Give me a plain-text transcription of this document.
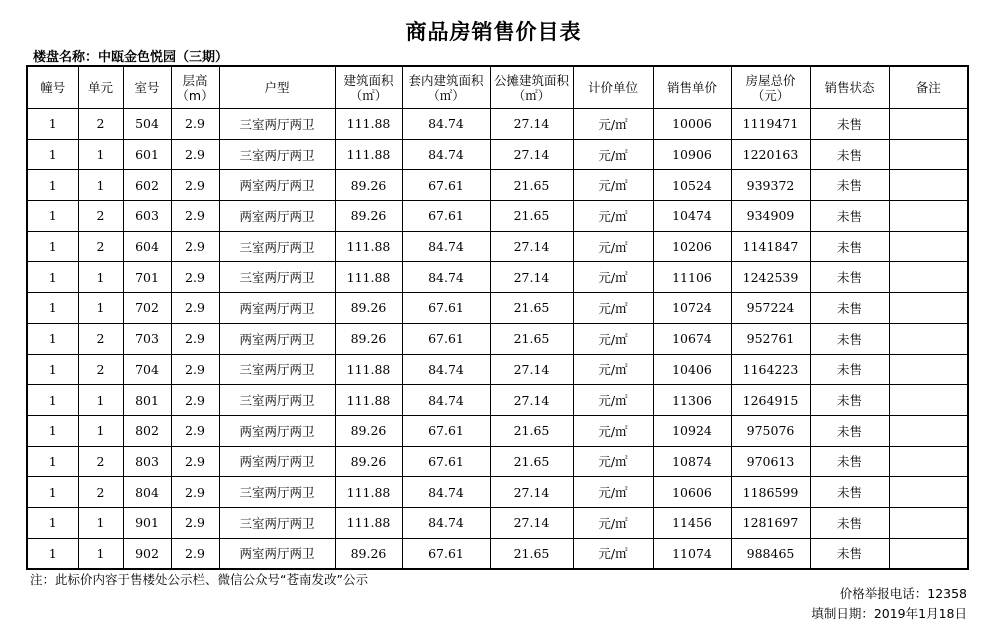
商品房销售价目表
楼盘名称：中瓯金色悦园（三期）
幢号	单元	室号	层高（m）	户型	建筑面积（㎡）	套内建筑面积（㎡）	公摊建筑面积（㎡）	计价单位	销售单价	房屋总价（元）	销售状态	备注
1	2	504	2.9	三室两厅两卫	111.88	84.74	27.14	元/㎡	10006	1119471	未售	
1	1	601	2.9	三室两厅两卫	111.88	84.74	27.14	元/㎡	10906	1220163	未售	
1	1	602	2.9	两室两厅两卫	89.26	67.61	21.65	元/㎡	10524	939372	未售	
1	2	603	2.9	两室两厅两卫	89.26	67.61	21.65	元/㎡	10474	934909	未售	
1	2	604	2.9	三室两厅两卫	111.88	84.74	27.14	元/㎡	10206	1141847	未售	
1	1	701	2.9	三室两厅两卫	111.88	84.74	27.14	元/㎡	11106	1242539	未售	
1	1	702	2.9	两室两厅两卫	89.26	67.61	21.65	元/㎡	10724	957224	未售	
1	2	703	2.9	两室两厅两卫	89.26	67.61	21.65	元/㎡	10674	952761	未售	
1	2	704	2.9	三室两厅两卫	111.88	84.74	27.14	元/㎡	10406	1164223	未售	
1	1	801	2.9	三室两厅两卫	111.88	84.74	27.14	元/㎡	11306	1264915	未售	
1	1	802	2.9	两室两厅两卫	89.26	67.61	21.65	元/㎡	10924	975076	未售	
1	2	803	2.9	两室两厅两卫	89.26	67.61	21.65	元/㎡	10874	970613	未售	
1	2	804	2.9	三室两厅两卫	111.88	84.74	27.14	元/㎡	10606	1186599	未售	
1	1	901	2.9	三室两厅两卫	111.88	84.74	27.14	元/㎡	11456	1281697	未售	
1	1	902	2.9	两室两厅两卫	89.26	67.61	21.65	元/㎡	11074	988465	未售	
注：此标价内容于售楼处公示栏、微信公众号“苍南发改”公示
价格举报电话：12358
填制日期：2019年1月18日
